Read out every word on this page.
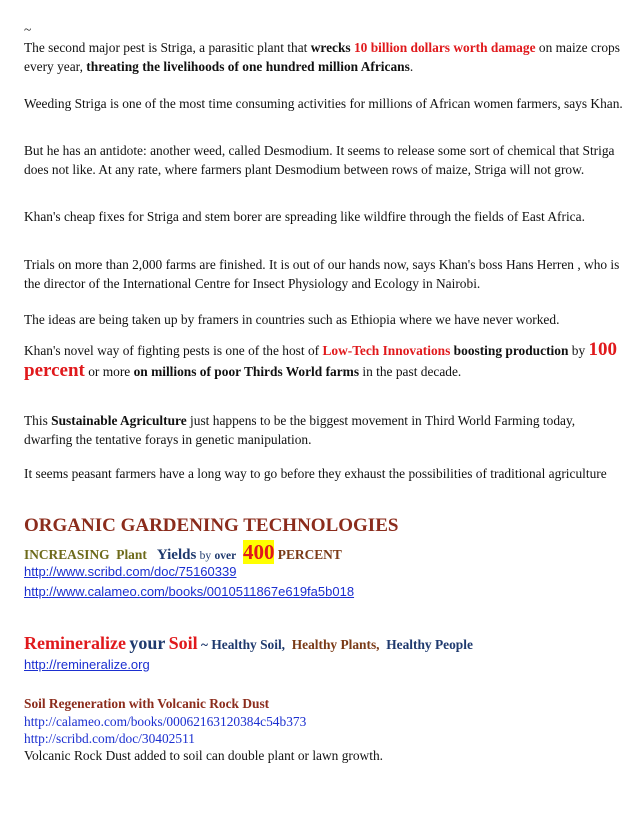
~
The second major pest is Striga, a parasitic plant that wrecks 10 billion dollars worth damage on maize crops every year, threating the livelihoods of one hundred million Africans.
Weeding Striga is one of the most time consuming activities for millions of African women farmers, says Khan.
But he has an antidote: another weed, called Desmodium. It seems to release some sort of chemical that Striga does not like. At any rate, where farmers plant Desmodium between rows of maize, Striga will not grow.
Khan's cheap fixes for Striga and stem borer are spreading like wildfire through the fields of East Africa.
Trials on more than 2,000 farms are finished. It is out of our hands now, says Khan's boss Hans Herren , who is the director of the International Centre for Insect Physiology and Ecology in Nairobi.
The ideas are being taken up by framers in countries such as Ethiopia where we have never worked.
Khan's novel way of fighting pests is one of the host of Low-Tech Innovations boosting production by 100 percent or more on millions of poor Thirds World farms in the past decade.
This Sustainable Agriculture just happens to be the biggest movement in Third World Farming today, dwarfing the tentative forays in genetic manipulation.
It seems peasant farmers have a long way to go before they exhaust the possibilities of traditional agriculture
ORGANIC GARDENING TECHNOLOGIES
INCREASING Plant Yields by over 400 PERCENT
http://www.scribd.com/doc/75160339
http://www.calameo.com/books/0010511867e619fa5b018
Remineralize your Soil ~ Healthy Soil, Healthy Plants, Healthy People
http://remineralize.org
Soil Regeneration with Volcanic Rock Dust
http://calameo.com/books/00062163120384c54b373
http://scribd.com/doc/30402511
Volcanic Rock Dust added to soil can double plant or lawn growth.
